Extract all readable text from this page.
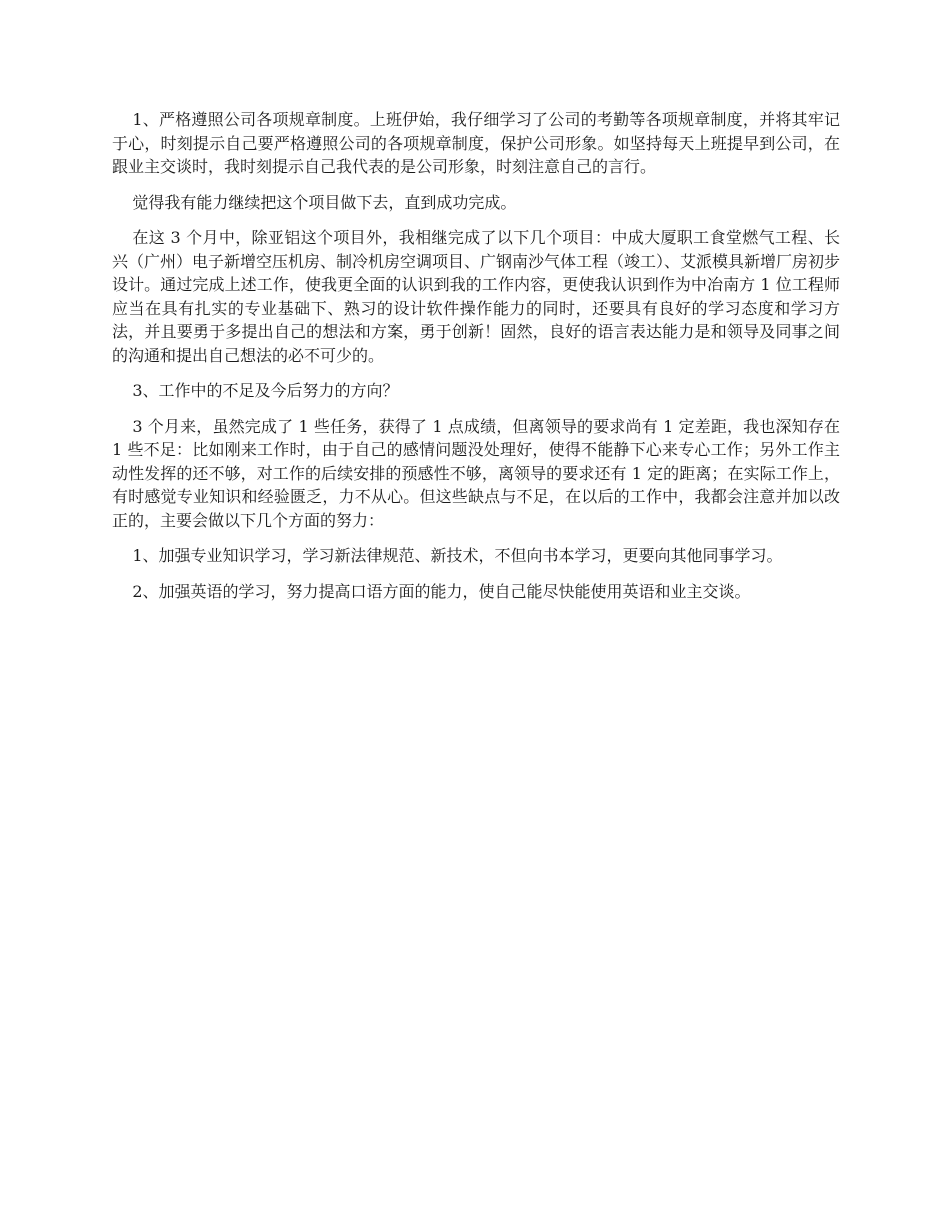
1、严格遵照公司各项规章制度。上班伊始，我仔细学习了公司的考勤等各项规章制度，并将其牢记于心，时刻提示自己要严格遵照公司的各项规章制度，保护公司形象。如坚持每天上班提早到公司，在跟业主交谈时，我时刻提示自己我代表的是公司形象，时刻注意自己的言行。

觉得我有能力继续把这个项目做下去，直到成功完成。

在这 3 个月中，除亚铝这个项目外，我相继完成了以下几个项目：中成大厦职工食堂燃气工程、长兴（广州）电子新增空压机房、制冷机房空调项目、广钢南沙气体工程（竣工）、艾派模具新增厂房初步设计。通过完成上述工作，使我更全面的认识到我的工作内容，更使我认识到作为中冶南方 1 位工程师应当在具有扎实的专业基础下、熟习的设计软件操作能力的同时，还要具有良好的学习态度和学习方法，并且要勇于多提出自己的想法和方案，勇于创新！固然，良好的语言表达能力是和领导及同事之间的沟通和提出自己想法的必不可少的。

3、工作中的不足及今后努力的方向？

3 个月来，虽然完成了 1 些任务，获得了 1 点成绩，但离领导的要求尚有 1 定差距，我也深知存在 1 些不足：比如刚来工作时，由于自己的感情问题没处理好，使得不能静下心来专心工作；另外工作主动性发挥的还不够，对工作的后续安排的预感性不够，离领导的要求还有 1 定的距离；在实际工作上，有时感觉专业知识和经验匮乏，力不从心。但这些缺点与不足，在以后的工作中，我都会注意并加以改正的，主要会做以下几个方面的努力：

1、加强专业知识学习，学习新法律规范、新技术，不但向书本学习，更要向其他同事学习。

2、加强英语的学习，努力提高口语方面的能力，使自己能尽快能使用英语和业主交谈。
